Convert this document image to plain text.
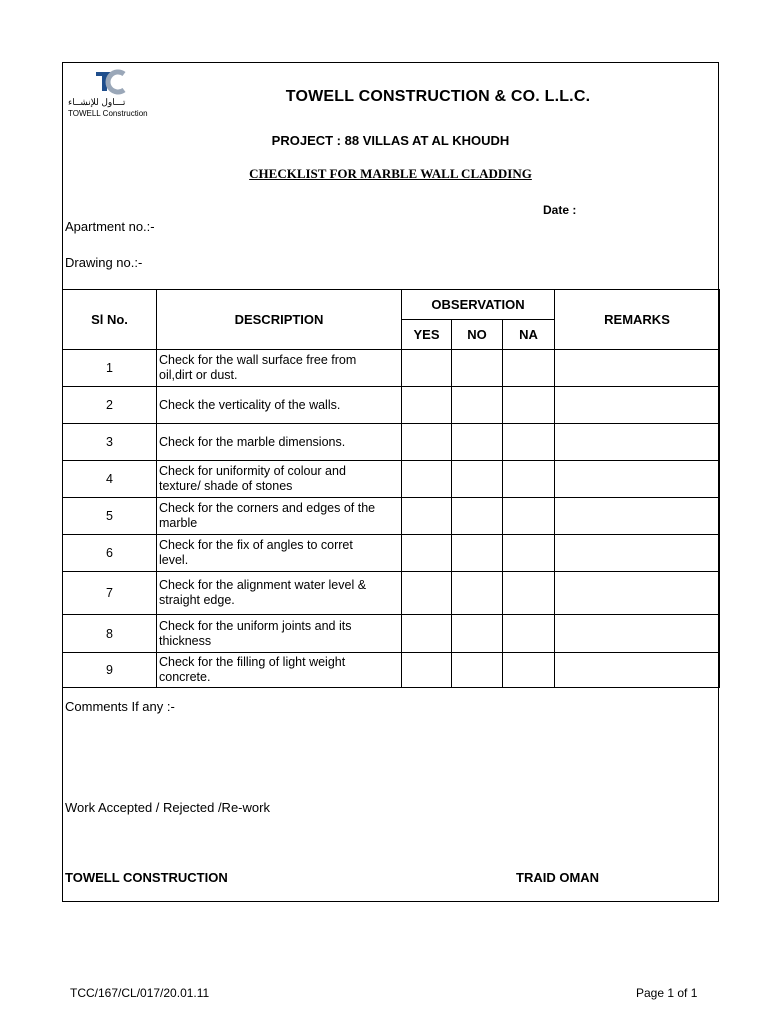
تـــاول للإنشــاء
TOWELL Construction
TOWELL CONSTRUCTION & CO. L.L.C.
PROJECT : 88 VILLAS AT AL KHOUDH
CHECKLIST FOR MARBLE WALL CLADDING
Date :
Apartment no.:-
Drawing no.:-
Sl No.	DESCRIPTION	OBSERVATION			REMARKS
		YES	NO	NA	
1	Check for the wall surface free from
oil,dirt or dust.				
2	Check the verticality of the walls.				
3	Check for the marble dimensions.				
4	Check for uniformity of colour and
texture/ shade of stones				
5	Check for the corners and edges of the
marble				
6	Check for the fix of angles to corret
level.				
7	Check for the alignment water level &
straight edge.				
8	Check for the uniform joints and its
thickness				
9	Check for the filling of light weight
concrete.				
Comments If any :-
Work Accepted / Rejected /Re-work
TOWELL CONSTRUCTION	TRAID OMAN
TCC/167/CL/017/20.01.11	Page 1 of 1
